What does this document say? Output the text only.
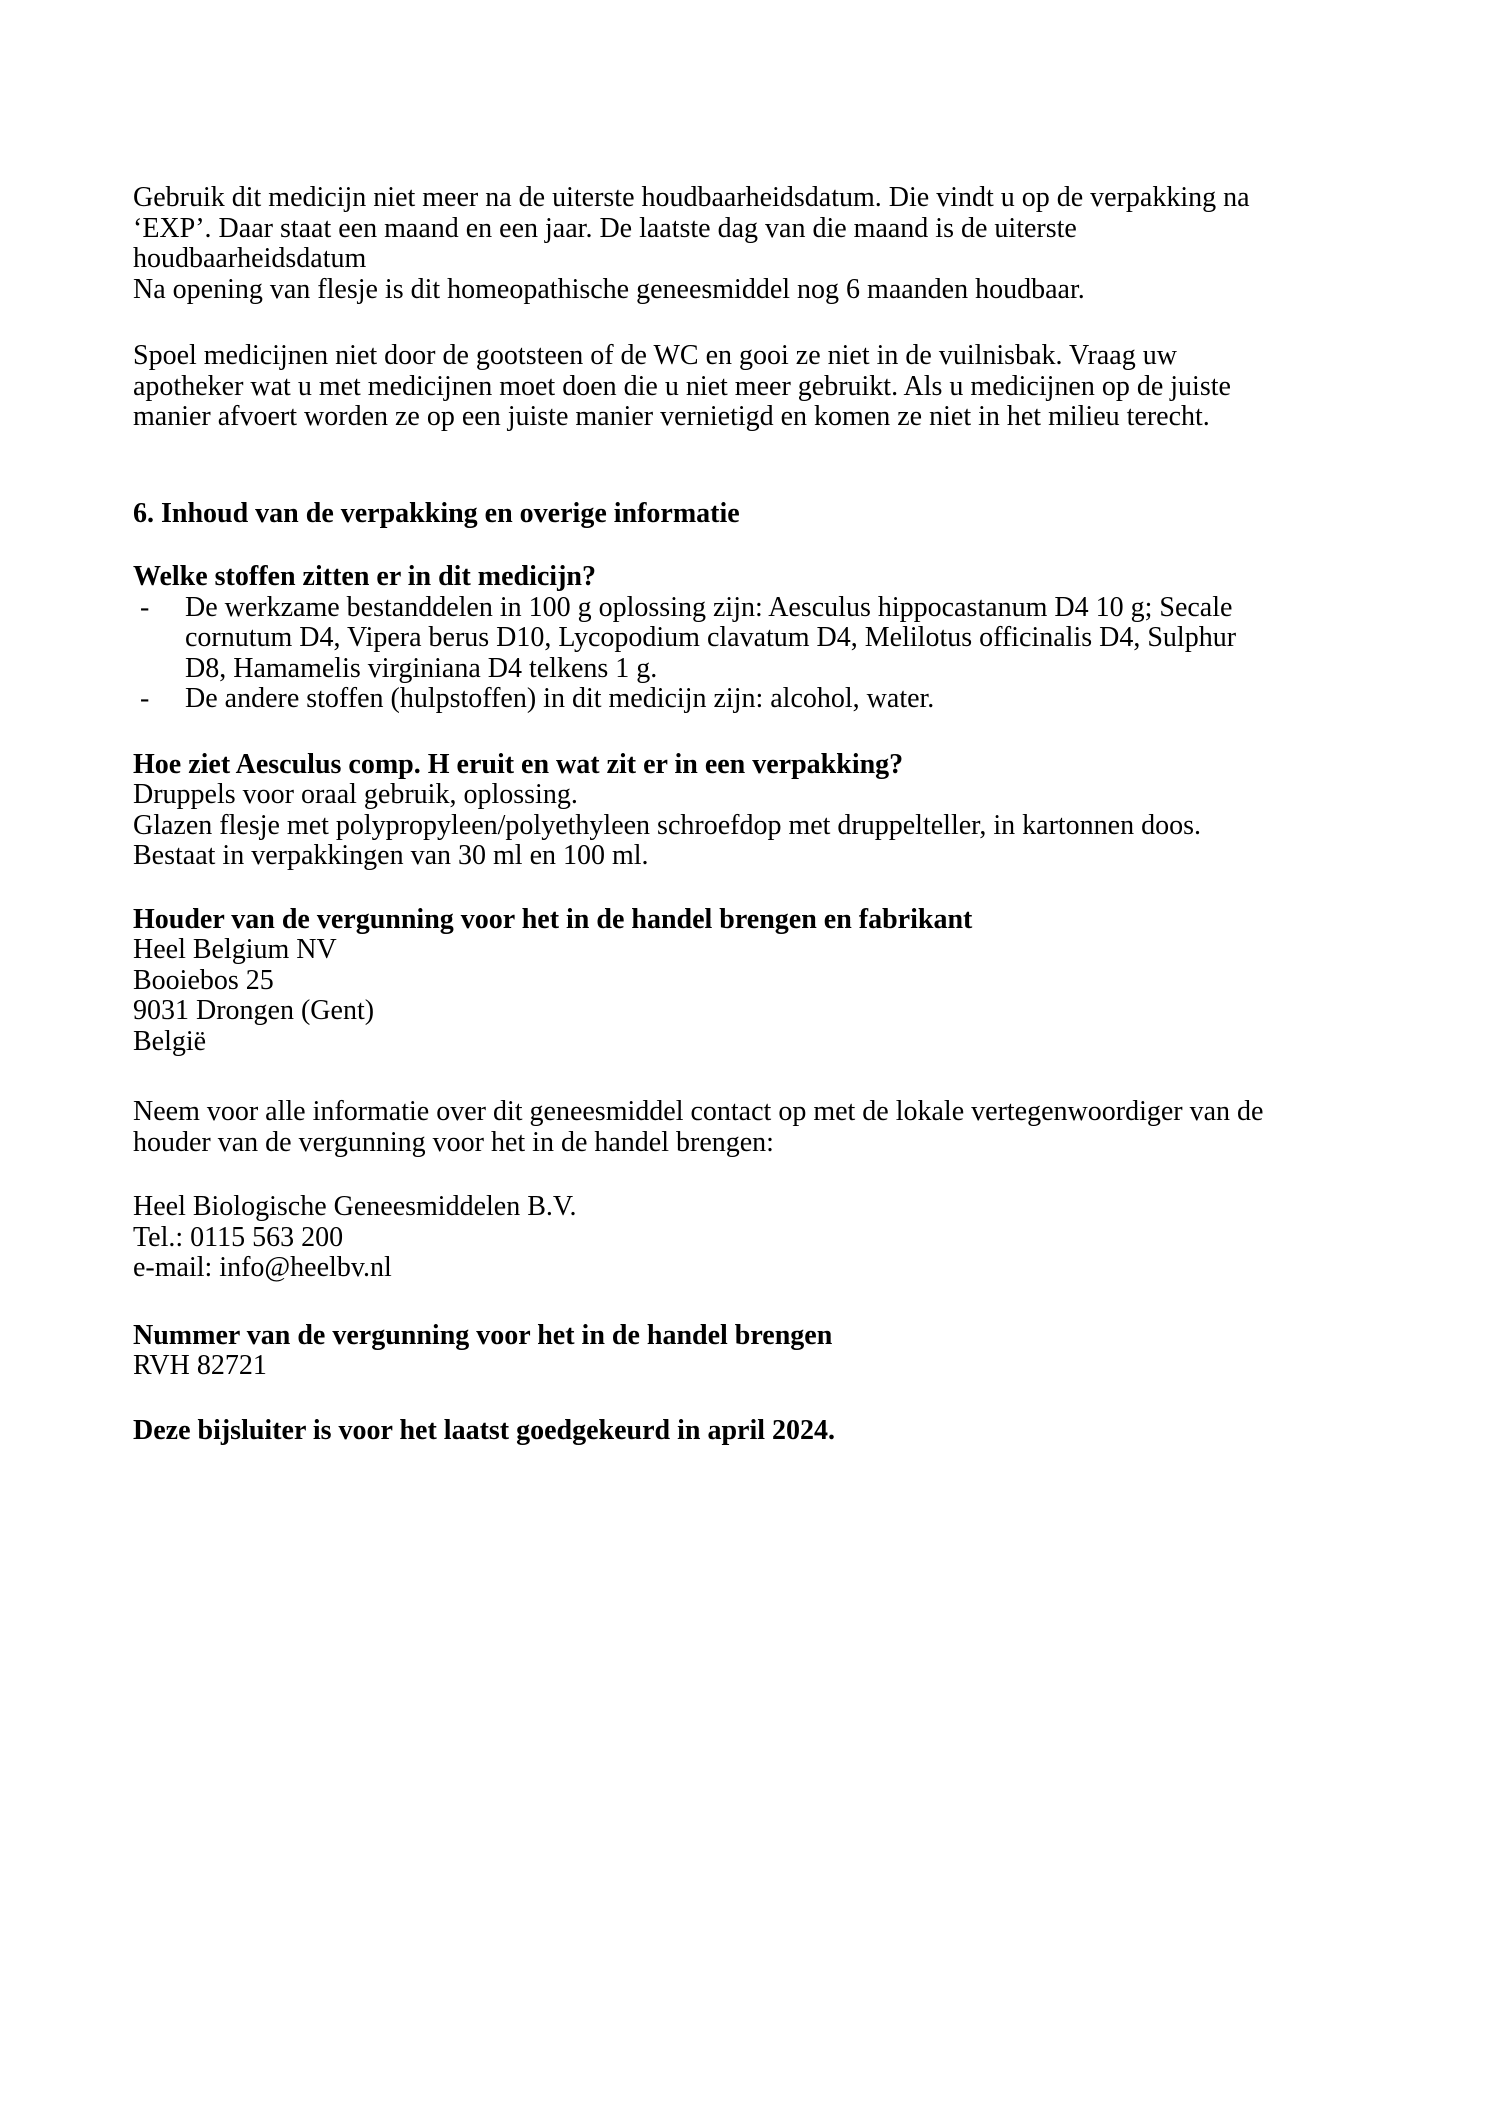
Gebruik dit medicijn niet meer na de uiterste houdbaarheidsdatum. Die vindt u op de verpakking na
‘EXP’. Daar staat een maand en een jaar. De laatste dag van die maand is de uiterste
houdbaarheidsdatum
Na opening van flesje is dit homeopathische geneesmiddel nog 6 maanden houdbaar.
Spoel medicijnen niet door de gootsteen of de WC en gooi ze niet in de vuilnisbak. Vraag uw
apotheker wat u met medicijnen moet doen die u niet meer gebruikt. Als u medicijnen op de juiste
manier afvoert worden ze op een juiste manier vernietigd en komen ze niet in het milieu terecht.
6. Inhoud van de verpakking en overige informatie
Welke stoffen zitten er in dit medicijn?
-	De werkzame bestanddelen in 100 g oplossing zijn: Aesculus hippocastanum D4 10 g; Secale
cornutum D4, Vipera berus D10, Lycopodium clavatum D4, Melilotus officinalis D4, Sulphur
D8, Hamamelis virginiana D4 telkens 1 g.
-	De andere stoffen (hulpstoffen) in dit medicijn zijn: alcohol, water.
Hoe ziet Aesculus comp. H eruit en wat zit er in een verpakking?
Druppels voor oraal gebruik, oplossing.
Glazen flesje met polypropyleen/polyethyleen schroefdop met druppelteller, in kartonnen doos.
Bestaat in verpakkingen van 30 ml en 100 ml.
Houder van de vergunning voor het in de handel brengen en fabrikant
Heel Belgium NV
Booiebos 25
9031 Drongen (Gent)
België
Neem voor alle informatie over dit geneesmiddel contact op met de lokale vertegenwoordiger van de
houder van de vergunning voor het in de handel brengen:
Heel Biologische Geneesmiddelen B.V.
Tel.: 0115 563 200
e-mail: info@heelbv.nl
Nummer van de vergunning voor het in de handel brengen
RVH 82721
Deze bijsluiter is voor het laatst goedgekeurd in april 2024.
